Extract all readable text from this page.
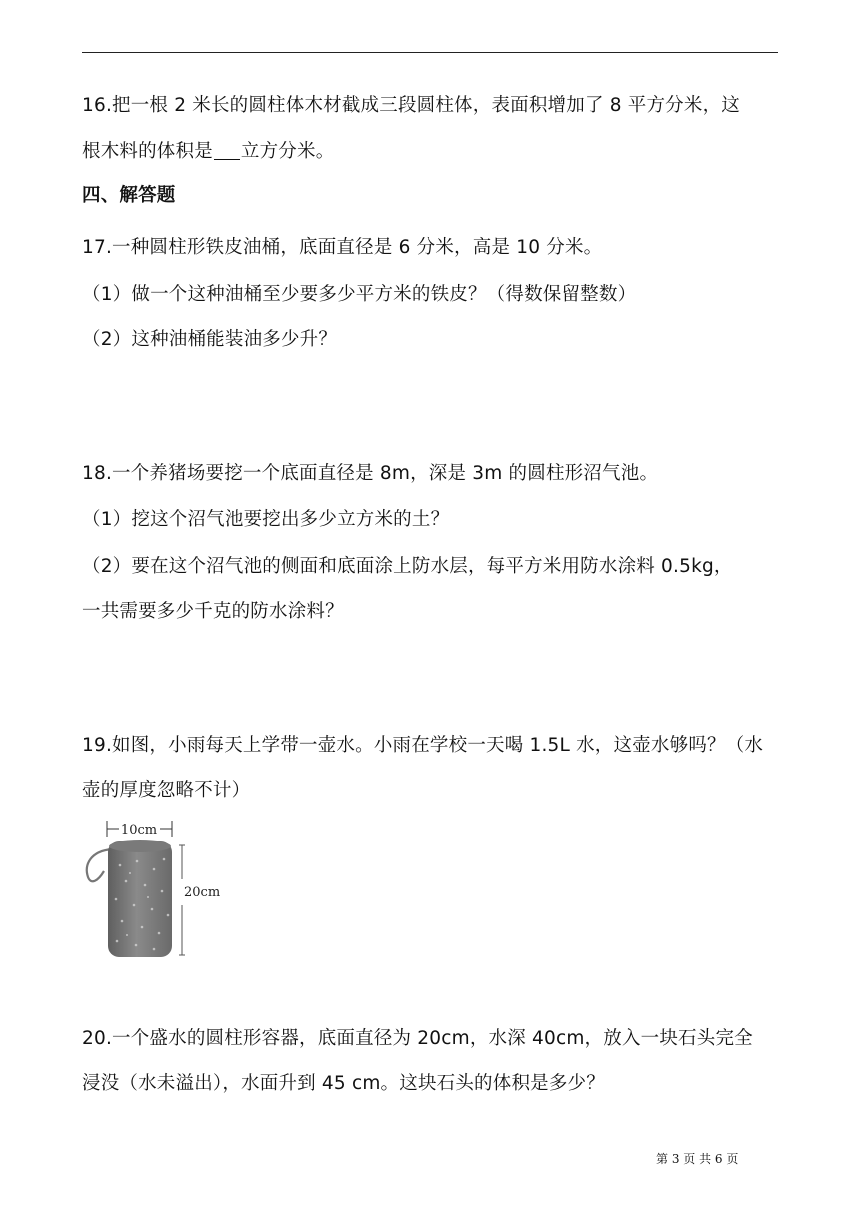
16.把一根 2 米长的圆柱体木材截成三段圆柱体，表面积增加了 8 平方分米，这
根木料的体积是 立方分米。
四、解答题
17.一种圆柱形铁皮油桶，底面直径是 6 分米，高是 10 分米。
（1）做一个这种油桶至少要多少平方米的铁皮？（得数保留整数）
（2）这种油桶能装油多少升？
18.一个养猪场要挖一个底面直径是 8m，深是 3m 的圆柱形沼气池。
（1）挖这个沼气池要挖出多少立方米的土？
（2）要在这个沼气池的侧面和底面涂上防水层，每平方米用防水涂料 0.5kg，
一共需要多少千克的防水涂料？
19.如图，小雨每天上学带一壶水。小雨在学校一天喝 1.5L 水，这壶水够吗？（水
壶的厚度忽略不计）
10cm
20cm
20.一个盛水的圆柱形容器，底面直径为 20cm，水深 40cm，放入一块石头完全
浸没（水未溢出），水面升到 45 cm。这块石头的体积是多少？
第 3 页 共 6 页
